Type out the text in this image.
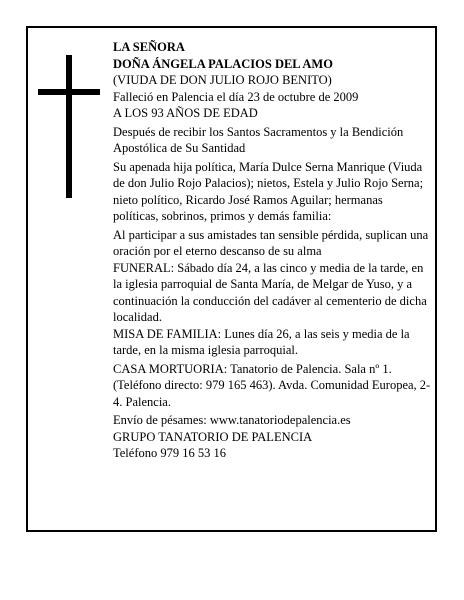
LA SEÑORA

DOÑA ÁNGELA PALACIOS DEL AMO

(VIUDA DE DON JULIO ROJO BENITO)

Falleció en Palencia el día 23 de octubre de 2009

A LOS 93 AÑOS DE EDAD

Después de recibir los Santos Sacramentos y la Bendición Apostólica de Su Santidad

Su apenada hija política, María Dulce Serna Manrique (Viuda de don Julio Rojo Palacios); nietos, Estela y Julio Rojo Serna; nieto político, Ricardo José Ramos Aguilar; hermanas políticas, sobrinos, primos y demás familia:

Al participar a sus amistades tan sensible pérdida, suplican una oración por el eterno descanso de su alma

FUNERAL: Sábado día 24, a las cinco y media de la tarde, en la iglesia parroquial de Santa María, de Melgar de Yuso, y a continuación la conducción del cadáver al cementerio de dicha localidad.

MISA DE FAMILIA: Lunes día 26, a las seis y media de la tarde, en la misma iglesia parroquial.

CASA MORTUORIA: Tanatorio de Palencia. Sala nº 1. (Teléfono directo: 979 165 463). Avda. Comunidad Europea, 2-4. Palencia.

Envío de pésames: www.tanatoriodepalencia.es

GRUPO TANATORIO DE PALENCIA

Teléfono 979 16 53 16
